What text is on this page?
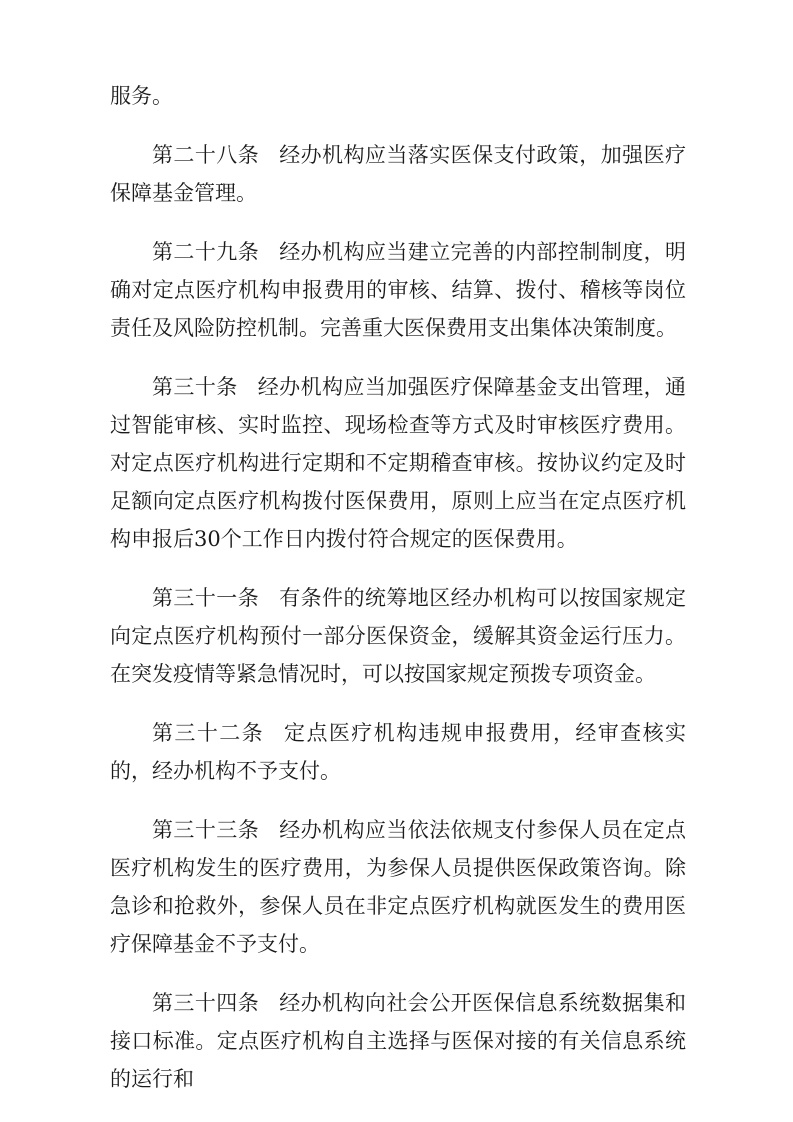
服务。

第二十八条 经办机构应当落实医保支付政策，加强医疗保障基金管理。

第二十九条 经办机构应当建立完善的内部控制制度，明确对定点医疗机构申报费用的审核、结算、拨付、稽核等岗位责任及风险防控机制。完善重大医保费用支出集体决策制度。

第三十条 经办机构应当加强医疗保障基金支出管理，通过智能审核、实时监控、现场检查等方式及时审核医疗费用。对定点医疗机构进行定期和不定期稽查审核。按协议约定及时足额向定点医疗机构拨付医保费用，原则上应当在定点医疗机构申报后30个工作日内拨付符合规定的医保费用。

第三十一条 有条件的统筹地区经办机构可以按国家规定向定点医疗机构预付一部分医保资金，缓解其资金运行压力。在突发疫情等紧急情况时，可以按国家规定预拨专项资金。

第三十二条 定点医疗机构违规申报费用，经审查核实的，经办机构不予支付。

第三十三条 经办机构应当依法依规支付参保人员在定点医疗机构发生的医疗费用，为参保人员提供医保政策咨询。除急诊和抢救外，参保人员在非定点医疗机构就医发生的费用医疗保障基金不予支付。

第三十四条 经办机构向社会公开医保信息系统数据集和接口标准。定点医疗机构自主选择与医保对接的有关信息系统的运行和
